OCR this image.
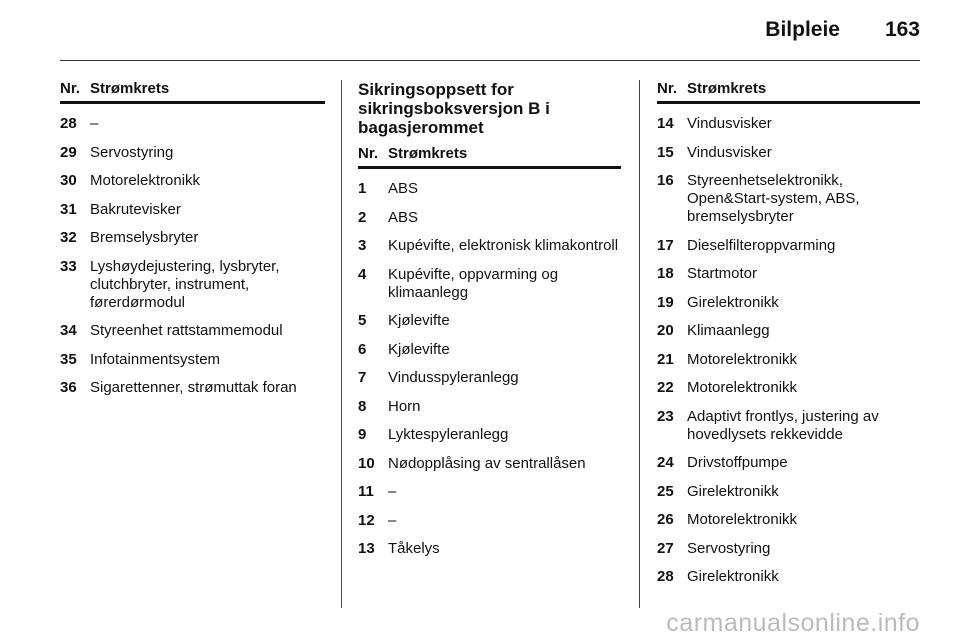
Bilpleie 163
Nr. Strømkrets
28 –
29 Servostyring
30 Motorelektronikk
31 Bakrutevisker
32 Bremselysbryter
33 Lyshøydejustering, lysbryter, clutchbryter, instrument, førerdørmodul
34 Styreenhet rattstammemodul
35 Infotainmentsystem
36 Sigarettenner, strømuttak foran
Sikringsoppsett for sikringsboksversjon B i bagasjerommet
Nr. Strømkrets
1	ABS
2	ABS
3	Kupévifte, elektronisk klimakontroll
4	Kupévifte, oppvarming og klimaanlegg
5	Kjølevifte
6	Kjølevifte
7	Vindusspyleranlegg
8	Horn
9	Lyktespyleranlegg
10 Nødopplåsing av sentrallåsen
11 –
12 –
13 Tåkelys
Nr. Strømkrets
14 Vindusvisker
15 Vindusvisker
16 Styreenhetselektronikk, Open&Start-system, ABS, bremselysbryter
17 Dieselfilteroppvarming
18 Startmotor
19 Girelektronikk
20 Klimaanlegg
21 Motorelektronikk
22 Motorelektronikk
23 Adaptivt frontlys, justering av hovedlysets rekkevidde
24 Drivstoffpumpe
25 Girelektronikk
26 Motorelektronikk
27 Servostyring
28 Girelektronikk
carmanualsonline.info
